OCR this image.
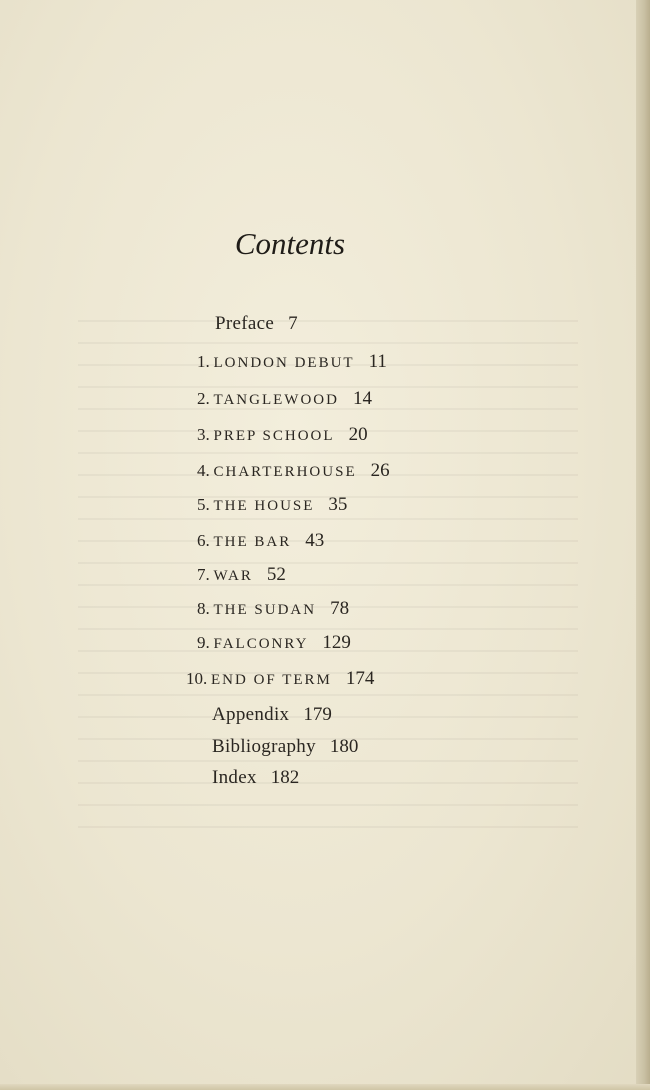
Contents
Preface 7
1. LONDON DEBUT 11
2. TANGLEWOOD 14
3. PREP SCHOOL 20
4. CHARTERHOUSE 26
5. THE HOUSE 35
6. THE BAR 43
7. WAR 52
8. THE SUDAN 78
9. FALCONRY 129
10. END OF TERM 174
Appendix 179
Bibliography 180
Index 182
